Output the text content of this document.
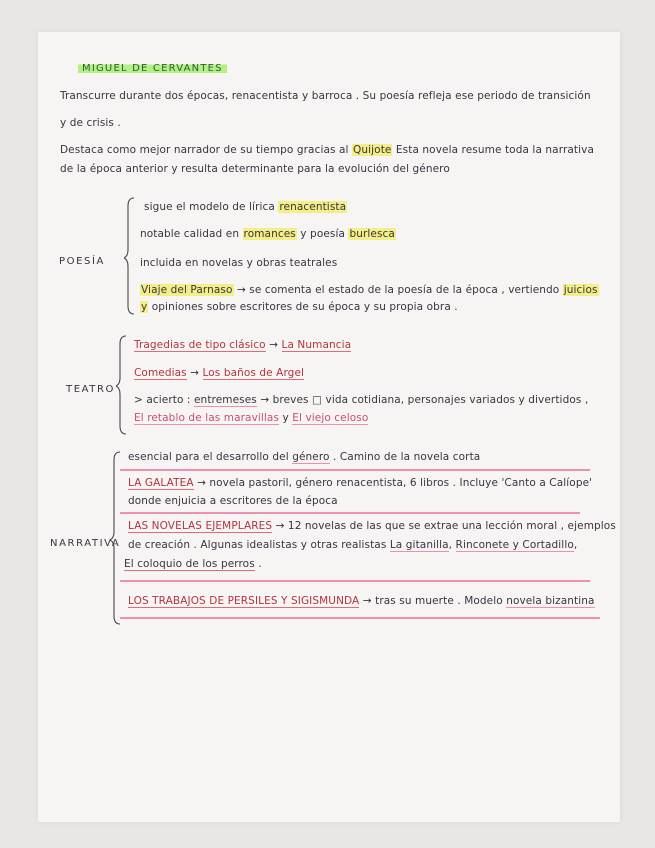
MIGUEL DE CERVANTES
Transcurre durante dos épocas, renacentista y barroca . Su poesía refleja ese periodo de transición
y de crisis .
Destaca como mejor narrador de su tiempo gracias al Quijote Esta novela resume toda la narrativa
de la época anterior y resulta determinante para la evolución del género
POESÍA
sigue el modelo de lírica renacentista
notable calidad en romances y poesía burlesca
incluida en novelas y obras teatrales
Viaje del Parnaso → se comenta el estado de la poesía de la época , vertiendo juicios
y opiniones sobre escritores de su época y su propia obra .
TEATRO
Tragedias de tipo clásico → La Numancia
Comedias → Los baños de Argel
> acierto : entremeses → breves □ vida cotidiana, personajes variados y divertidos ,
El retablo de las maravillas y El viejo celoso
NARRATIVA
esencial para el desarrollo del género . Camino de la novela corta
LA GALATEA → novela pastoril, género renacentista, 6 libros . Incluye 'Canto a Calíope'
donde enjuicia a escritores de la época
LAS NOVELAS EJEMPLARES → 12 novelas de las que se extrae una lección moral , ejemplos
de creación . Algunas idealistas y otras realistas La gitanilla, Rinconete y Cortadillo,
El coloquio de los perros .
LOS TRABAJOS DE PERSILES Y SIGISMUNDA → tras su muerte . Modelo novela bizantina
